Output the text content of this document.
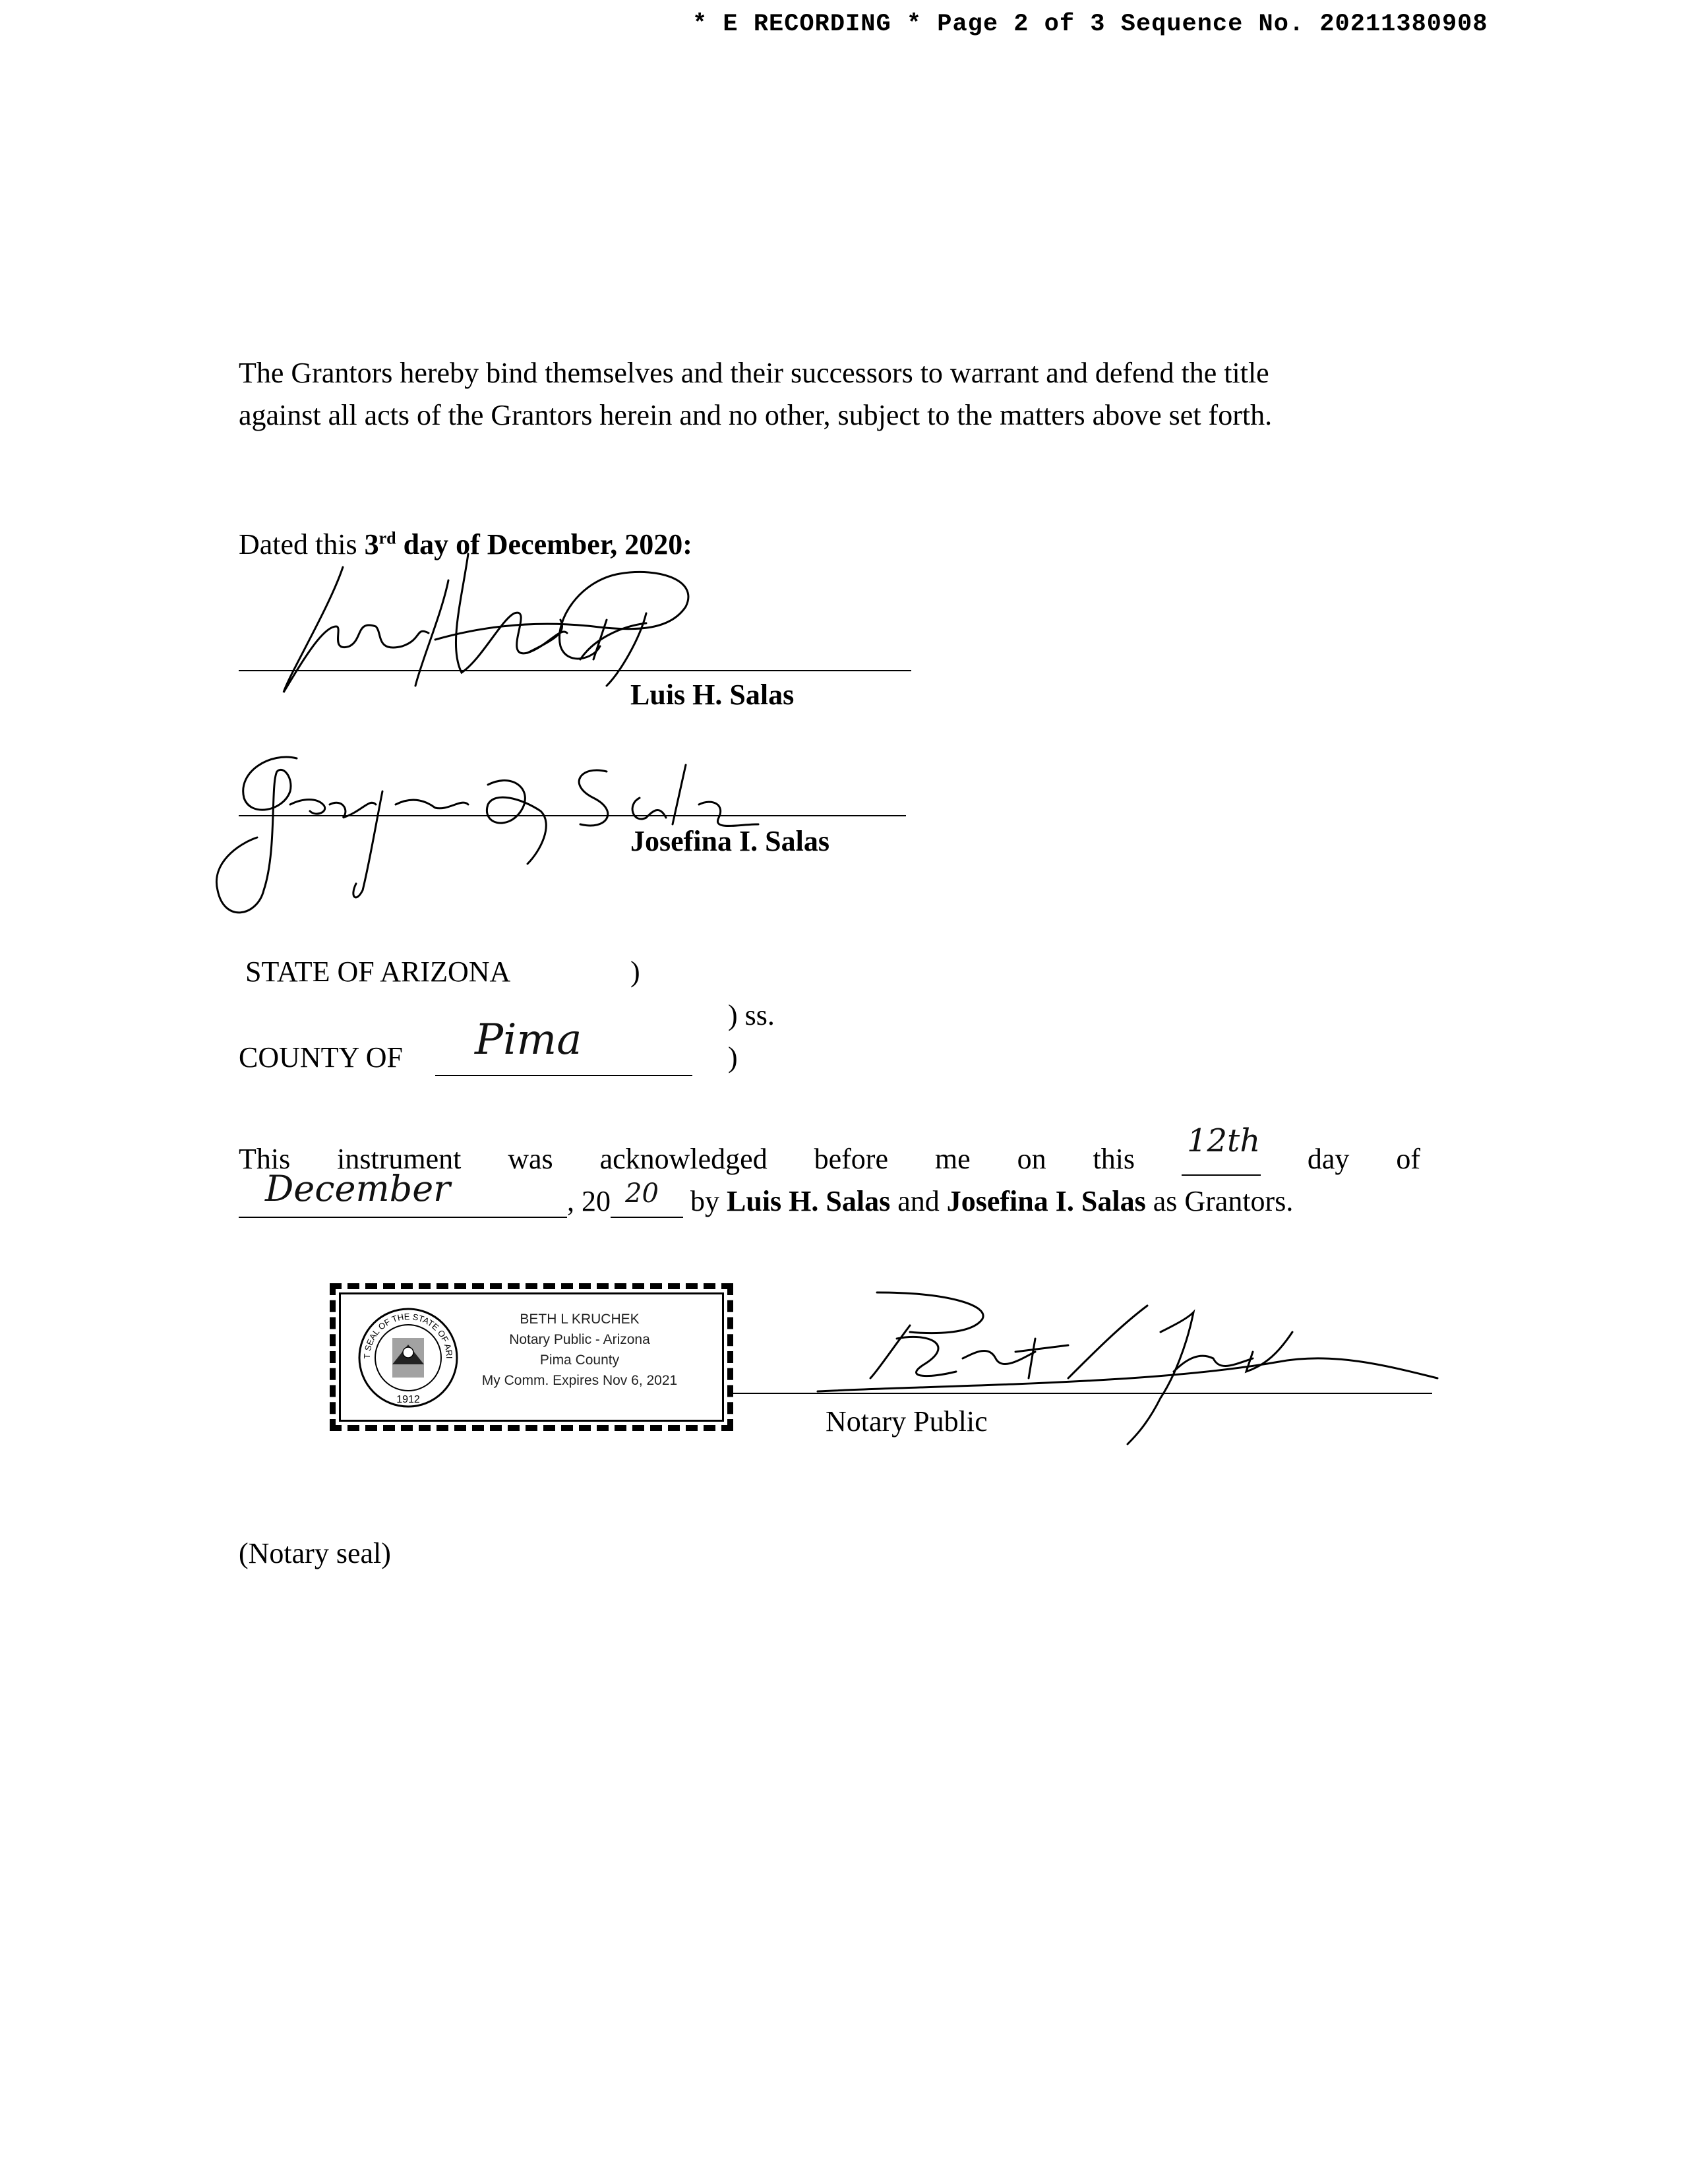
* E RECORDING * Page 2 of 3 Sequence No. 20211380908
The Grantors hereby bind themselves and their successors to warrant and defend the title
against all acts of the Grantors herein and no other, subject to the matters above set forth.
Dated this 3rd day of December, 2020:
Luis H. Salas
Josefina I. Salas
STATE OF ARIZONA	)
) ss.
COUNTY OF Pima	)
This instrument was acknowledged before me on this 12th day of
December	, 20 20 by Luis H. Salas and Josefina I. Salas as Grantors.
1912
GREAT SEAL OF THE STATE OF ARIZONA
BETH L KRUCHEK
Notary Public - Arizona
Pima County
My Comm. Expires Nov 6, 2021
Notary Public
(Notary seal)
